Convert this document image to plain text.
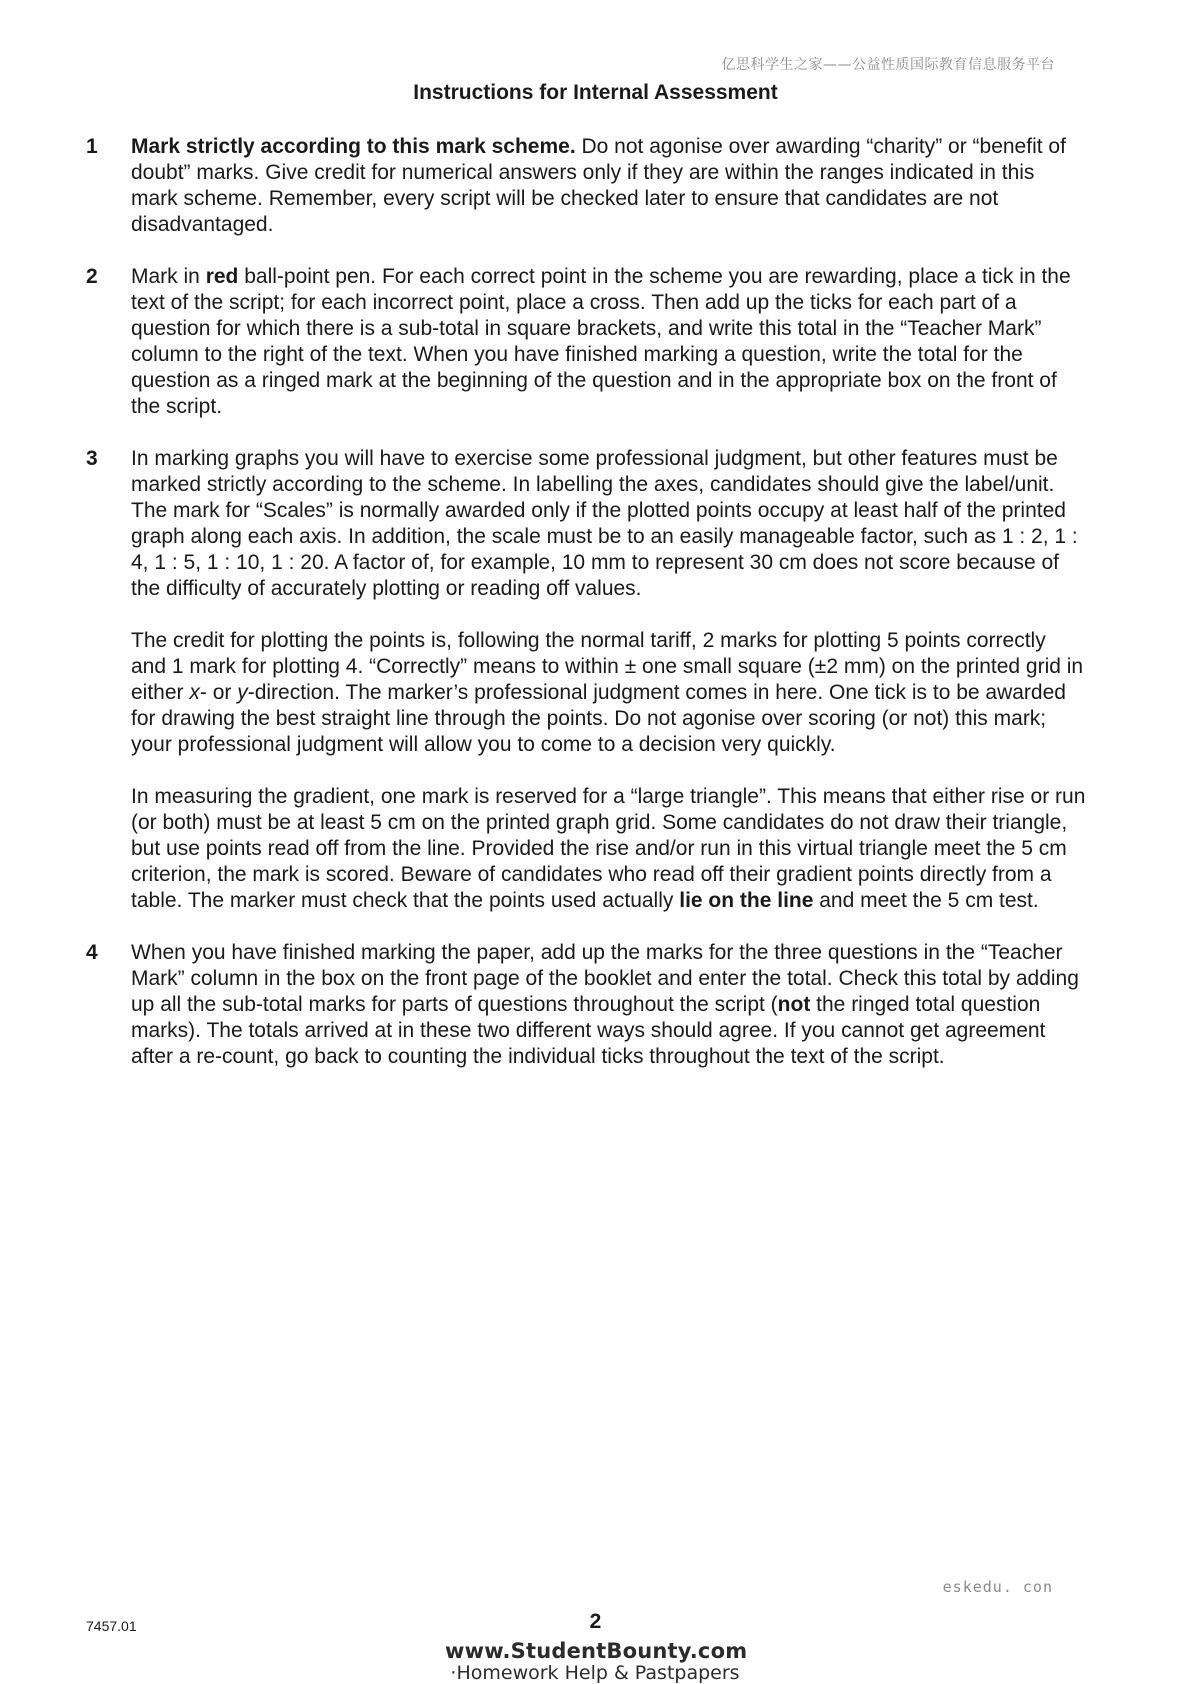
亿思科学生之家——公益性质国际教育信息服务平台
Instructions for Internal Assessment
1	Mark strictly according to this mark scheme. Do not agonise over awarding “charity” or “benefit of doubt” marks. Give credit for numerical answers only if they are within the ranges indicated in this mark scheme. Remember, every script will be checked later to ensure that candidates are not disadvantaged.

2	Mark in red ball-point pen. For each correct point in the scheme you are rewarding, place a tick in the text of the script; for each incorrect point, place a cross. Then add up the ticks for each part of a question for which there is a sub-total in square brackets, and write this total in the “Teacher Mark” column to the right of the text. When you have finished marking a question, write the total for the question as a ringed mark at the beginning of the question and in the appropriate box on the front of the script.

3	In marking graphs you will have to exercise some professional judgment, but other features must be marked strictly according to the scheme. In labelling the axes, candidates should give the label/unit. The mark for “Scales” is normally awarded only if the plotted points occupy at least half of the printed graph along each axis. In addition, the scale must be to an easily manageable factor, such as 1 : 2, 1 : 4, 1 : 5, 1 : 10, 1 : 20. A factor of, for example, 10 mm to represent 30 cm does not score because of the difficulty of accurately plotting or reading off values.

The credit for plotting the points is, following the normal tariff, 2 marks for plotting 5 points correctly and 1 mark for plotting 4. “Correctly” means to within ± one small square (±2 mm) on the printed grid in either x- or y-direction. The marker’s professional judgment comes in here. One tick is to be awarded for drawing the best straight line through the points. Do not agonise over scoring (or not) this mark; your professional judgment will allow you to come to a decision very quickly.

In measuring the gradient, one mark is reserved for a “large triangle”. This means that either rise or run (or both) must be at least 5 cm on the printed graph grid. Some candidates do not draw their triangle, but use points read off from the line. Provided the rise and/or run in this virtual triangle meet the 5 cm criterion, the mark is scored. Beware of candidates who read off their gradient points directly from a table. The marker must check that the points used actually lie on the line and meet the 5 cm test.

4	When you have finished marking the paper, add up the marks for the three questions in the “Teacher Mark” column in the box on the front page of the booklet and enter the total. Check this total by adding up all the sub-total marks for parts of questions throughout the script (not the ringed total question marks). The totals arrived at in these two different ways should agree. If you cannot get agreement after a re-count, go back to counting the individual ticks throughout the text of the script.

eskedu. con
7457.01	2
www.StudentBounty.com
·Homework Help & Pastpapers
